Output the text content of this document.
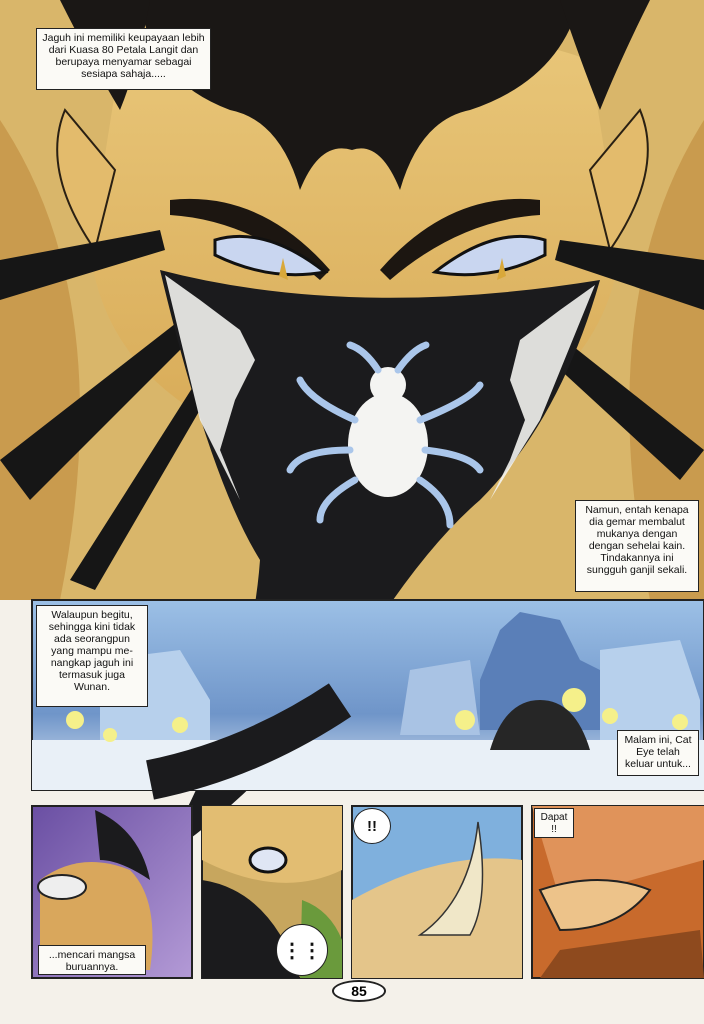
Jaguh ini memiliki keupayaan lebih dari Kuasa 80 Petala Langit dan berupaya menyamar sebagai sesiapa sahaja.....
Namun, entah kenapa dia gemar membalut mukanya dengan dengan sehelai kain. Tindakannya ini sungguh ganjil sekali.
Walaupun begitu, sehingga kini tidak ada seorangpun yang mampu me-nangkap jaguh ini termasuk juga Wunan.
Malam ini, Cat Eye telah keluar untuk...
...mencari mangsa buruannya.
!!	Dapat !!
⋮⋮
85
